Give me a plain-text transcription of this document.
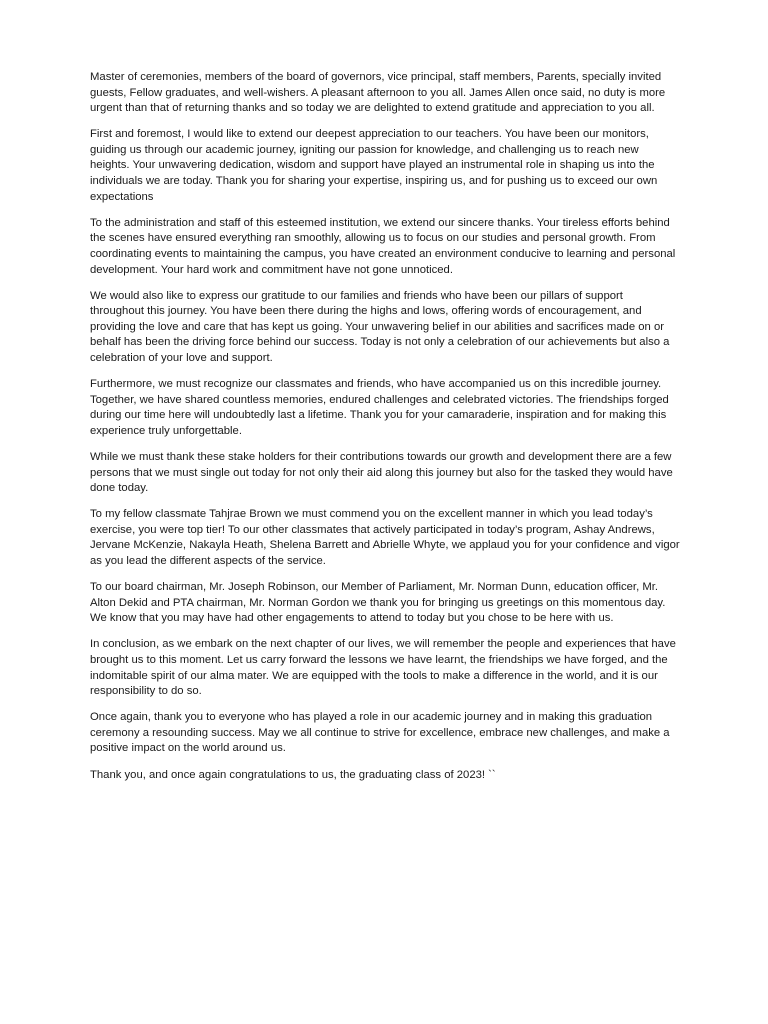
Master of ceremonies, members of the board of governors, vice principal, staff members, Parents, specially invited guests, Fellow graduates, and well-wishers. A pleasant afternoon to you all. James Allen once said, no duty is more urgent than that of returning thanks and so today we are delighted to extend gratitude and appreciation to you all.

First and foremost, I would like to extend our deepest appreciation to our teachers. You have been our monitors, guiding us through our academic journey, igniting our passion for knowledge, and challenging us to reach new heights. Your unwavering dedication, wisdom and support have played an instrumental role in shaping us into the individuals we are today. Thank you for sharing your expertise, inspiring us, and for pushing us to exceed our own expectations

To the administration and staff of this esteemed institution, we extend our sincere thanks. Your tireless efforts behind the scenes have ensured everything ran smoothly, allowing us to focus on our studies and personal growth. From coordinating events to maintaining the campus, you have created an environment conducive to learning and personal development. Your hard work and commitment have not gone unnoticed.

We would also like to express our gratitude to our families and friends who have been our pillars of support throughout this journey. You have been there during the highs and lows, offering words of encouragement, and providing the love and care that has kept us going. Your unwavering belief in our abilities and sacrifices made on or behalf has been the driving force behind our success. Today is not only a celebration of our achievements but also a celebration of your love and support.

Furthermore, we must recognize our classmates and friends, who have accompanied us on this incredible journey. Together, we have shared countless memories, endured challenges and celebrated victories. The friendships forged during our time here will undoubtedly last a lifetime. Thank you for your camaraderie, inspiration and for making this experience truly unforgettable.

While we must thank these stake holders for their contributions towards our growth and development there are a few persons that we must single out today for not only their aid along this journey but also for the tasked they would have done today.

To my fellow classmate Tahjrae Brown we must commend you on the excellent manner in which you lead today’s exercise, you were top tier! To our other classmates that actively participated in today’s program, Ashay Andrews, Jervane McKenzie, Nakayla Heath, Shelena Barrett and Abrielle Whyte, we applaud you for your confidence and vigor as you lead the different aspects of the service.

To our board chairman, Mr. Joseph Robinson, our Member of Parliament, Mr. Norman Dunn, education officer, Mr. Alton Dekid and PTA chairman, Mr. Norman Gordon we thank you for bringing us greetings on this momentous day. We know that you may have had other engagements to attend to today but you chose to be here with us.

In conclusion, as we embark on the next chapter of our lives, we will remember the people and experiences that have brought us to this moment. Let us carry forward the lessons we have learnt, the friendships we have forged, and the indomitable spirit of our alma mater. We are equipped with the tools to make a difference in the world, and it is our responsibility to do so.

Once again, thank you to everyone who has played a role in our academic journey and in making this graduation ceremony a resounding success. May we all continue to strive for excellence, embrace new challenges, and make a positive impact on the world around us.

Thank you, and once again congratulations to us, the graduating class of 2023! ``
